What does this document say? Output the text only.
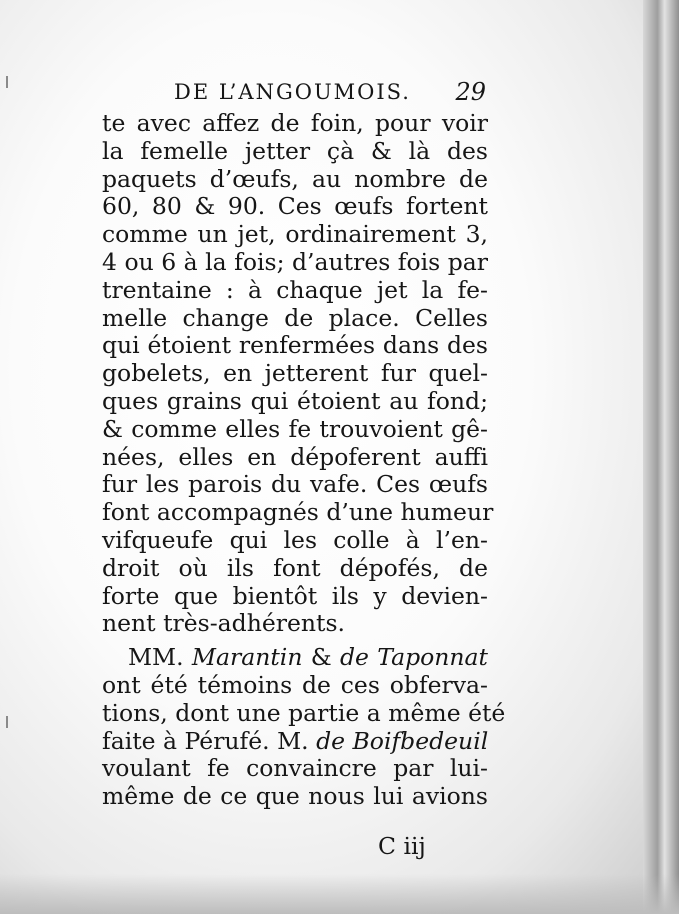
DE L’ANGOUMOIS. 29
te avec affez de foin, pour voir
la femelle jetter çà & là des
paquets d’œufs, au nombre de
60, 80 & 90. Ces œufs fortent
comme un jet, ordinairement 3,
4 ou 6 à la fois; d’autres fois par
trentaine : à chaque jet la fe-
melle change de place. Celles
qui étoient renfermées dans des
gobelets, en jetterent fur quel-
ques grains qui étoient au fond;
& comme elles fe trouvoient gê-
nées, elles en dépoferent auffi
fur les parois du vafe. Ces œufs
font accompagnés d’une humeur
vifqueufe qui les colle à l’en-
droit où ils font dépofés, de
forte que bientôt ils y devien-
nent très-adhérents.
MM. Marantin & de Taponnat
ont été témoins de ces obferva-
tions, dont une partie a même été
faite à Pérufé. M. de Boifbedeuil
voulant fe convaincre par lui-
même de ce que nous lui avions
C iij
